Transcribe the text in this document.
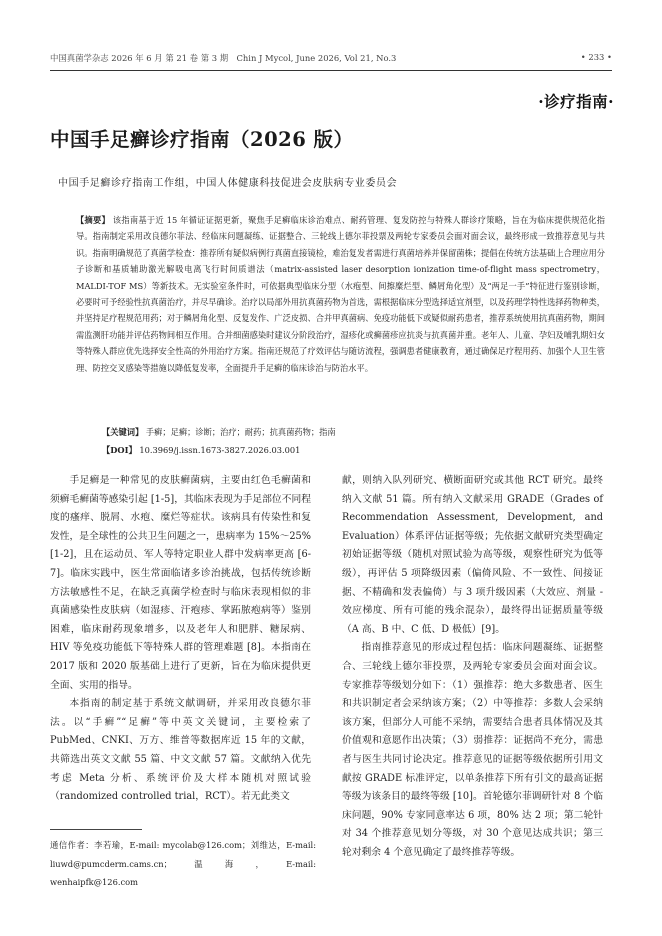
中国真菌学杂志 2026 年 6 月 第 21 卷 第 3 期　Chin J Mycol, June 2026, Vol 21, No.3	• 233 •
·诊疗指南·
中国手足癣诊疗指南（2026 版）
中国手足癣诊疗指南工作组，中国人体健康科技促进会皮肤病专业委员会
【摘要】 该指南基于近 15 年循证证据更新，聚焦手足癣临床诊治难点、耐药管理、复发防控与特殊人群诊疗策略，旨在为临床提供规范化指导。指南制定采用改良德尔菲法、经临床问题凝练、证据整合、三轮线上德尔菲投票及两轮专家委员会面对面会议，最终形成一致推荐意见与共识。指南明确规范了真菌学检查：推荐所有疑似病例行真菌直接镜检，难治复发者需进行真菌培养并保留菌株；提倡在传统方法基础上合理应用分子诊断和基质辅助激光解吸电离飞行时间质谱法（matrix-assisted laser desorption ionization time-of-flight mass spectrometry，MALDI-TOF MS）等新技术。无实验室条件时，可依据典型临床分型（水疱型、间擦糜烂型、鳞屑角化型）及“两足一手”特征进行鉴别诊断，必要时可予经验性抗真菌治疗，并尽早确诊。治疗以局部外用抗真菌药物为首选，需根据临床分型选择适宜剂型，以及药理学特性选择药物种类，并坚持足疗程规范用药；对于鳞屑角化型、反复发作、广泛皮损、合并甲真菌病、免疫功能低下或疑似耐药患者，推荐系统使用抗真菌药物，期间需监测肝功能并评估药物间相互作用。合并细菌感染时建议分阶段治疗，湿疹化或癣菌疹应抗炎与抗真菌并重。老年人、儿童、孕妇及哺乳期妇女等特殊人群应优先选择安全性高的外用治疗方案。指南还规范了疗效评估与随访流程，强调患者健康教育，通过确保足疗程用药、加强个人卫生管理、防控交叉感染等措施以降低复发率，全面提升手足癣的临床诊治与防治水平。
【关键词】 手癣；足癣；诊断；治疗；耐药；抗真菌药物；指南
【DOI】 10.3969/j.issn.1673-3827.2026.03.001

手足癣是一种常见的皮肤癣菌病，主要由红色毛癣菌和须癣毛癣菌等感染引起 [1-5]，其临床表现为手足部位不同程度的瘙痒、脱屑、水疱、糜烂等症状。该病具有传染性和复发性，是全球性的公共卫生问题之一，患病率为 15%～25%[1-2]，且在运动员、军人等特定职业人群中发病率更高 [6-7]。临床实践中，医生常面临诸多诊治挑战，包括传统诊断方法敏感性不足，在缺乏真菌学检查时与临床表现相似的非真菌感染性皮肤病（如湿疹、汗疱疹、掌跖脓疱病等）鉴别困难，临床耐药现象增多，以及老年人和肥胖、糖尿病、HIV 等免疫功能低下等特殊人群的管理难题 [8]。本指南在 2017 版和 2020 版基础上进行了更新，旨在为临床提供更全面、实用的指导。

本指南的制定基于系统文献调研，并采用改良德尔菲法。以“手癣”“足癣”等中英文关键词，主要检索了 PubMed、CNKI、万方、维普等数据库近 15 年的文献，共筛选出英文文献 55 篇、中文文献 57 篇。文献纳入优先考虑 Meta 分析、系统评价及大样本随机对照试验（randomized controlled trial，RCT）。若无此类文

献，则纳入队列研究、横断面研究或其他 RCT 研究。最终纳入文献 51 篇。所有纳入文献采用 GRADE（Grades of Recommendation Assessment, Development, and Evaluation）体系评估证据等级；先依据文献研究类型确定初始证据等级（随机对照试验为高等级，观察性研究为低等级），再评估 5 项降级因素（偏倚风险、不一致性、间接证据、不精确和发表偏倚）与 3 项升级因素（大效应、剂量 - 效应梯度、所有可能的残余混杂），最终得出证据质量等级（A 高、B 中、C 低、D 极低）[9]。

指南推荐意见的形成过程包括：临床问题凝练、证据整合、三轮线上德尔菲投票，及两轮专家委员会面对面会议。专家推荐等级划分如下：（1）强推荐：绝大多数患者、医生和共识制定者会采纳该方案；（2）中等推荐：多数人会采纳该方案，但部分人可能不采纳，需要结合患者具体情况及其价值观和意愿作出决策；（3）弱推荐：证据尚不充分，需患者与医生共同讨论决定。推荐意见的证据等级依据所引用文献按 GRADE 标准评定，以单条推荐下所有引文的最高证据等级为该条目的最终等级 [10]。首轮德尔菲调研针对 8 个临床问题，90% 专家同意率达 6 项，80% 达 2 项；第二轮针对 34 个推荐意见划分等级，对 30 个意见达成共识；第三轮对剩余 4 个意见确定了最终推荐等级。

通信作者：李若瑜，E-mail: mycolab@126.com；刘维达，E-mail: liuwd@pumcderm.cams.cn；温海，E-mail: wenhaipfk@126.com
